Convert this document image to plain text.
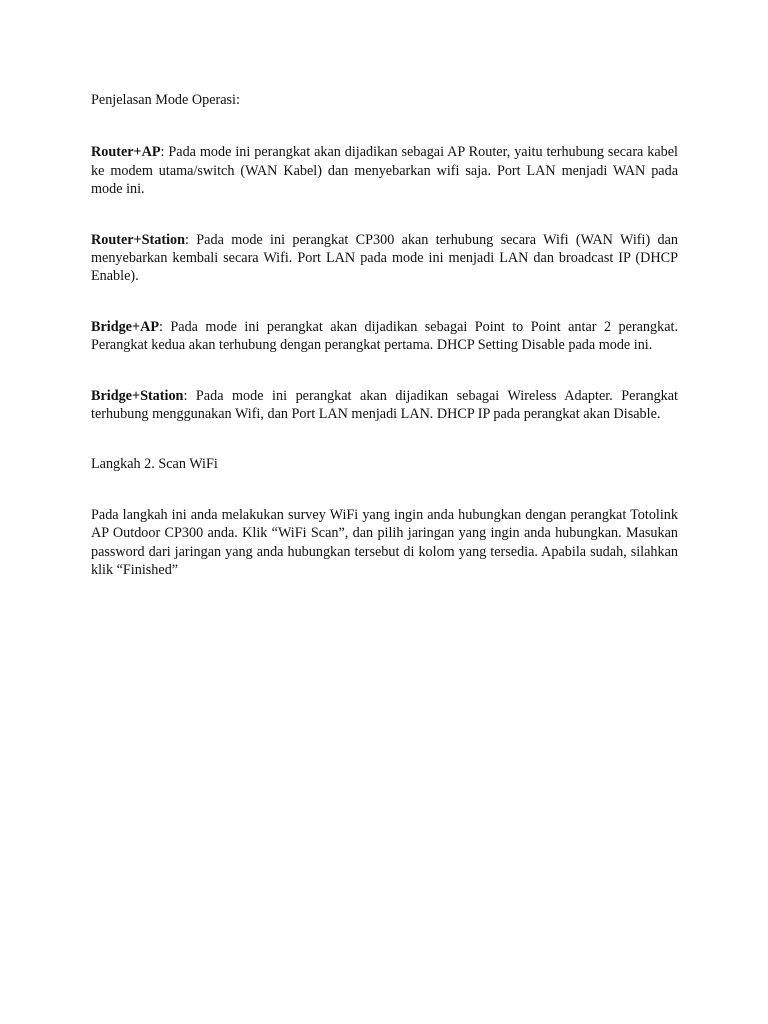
Penjelasan Mode Operasi:

Router+AP: Pada mode ini perangkat akan dijadikan sebagai AP Router, yaitu terhubung secara kabel ke modem utama/switch (WAN Kabel) dan menyebarkan wifi saja. Port LAN menjadi WAN pada mode ini.

Router+Station: Pada mode ini perangkat CP300 akan terhubung secara Wifi (WAN Wifi) dan menyebarkan kembali secara Wifi. Port LAN pada mode ini menjadi LAN dan broadcast IP (DHCP Enable).

Bridge+AP: Pada mode ini perangkat akan dijadikan sebagai Point to Point antar 2 perangkat. Perangkat kedua akan terhubung dengan perangkat pertama. DHCP Setting Disable pada mode ini.

Bridge+Station: Pada mode ini perangkat akan dijadikan sebagai Wireless Adapter. Perangkat terhubung menggunakan Wifi, dan Port LAN menjadi LAN. DHCP IP pada perangkat akan Disable.

Langkah 2. Scan WiFi

Pada langkah ini anda melakukan survey WiFi yang ingin anda hubungkan dengan perangkat Totolink AP Outdoor CP300 anda. Klik “WiFi Scan”, dan pilih jaringan yang ingin anda hubungkan. Masukan password dari jaringan yang anda hubungkan tersebut di kolom yang tersedia. Apabila sudah, silahkan klik “Finished”
